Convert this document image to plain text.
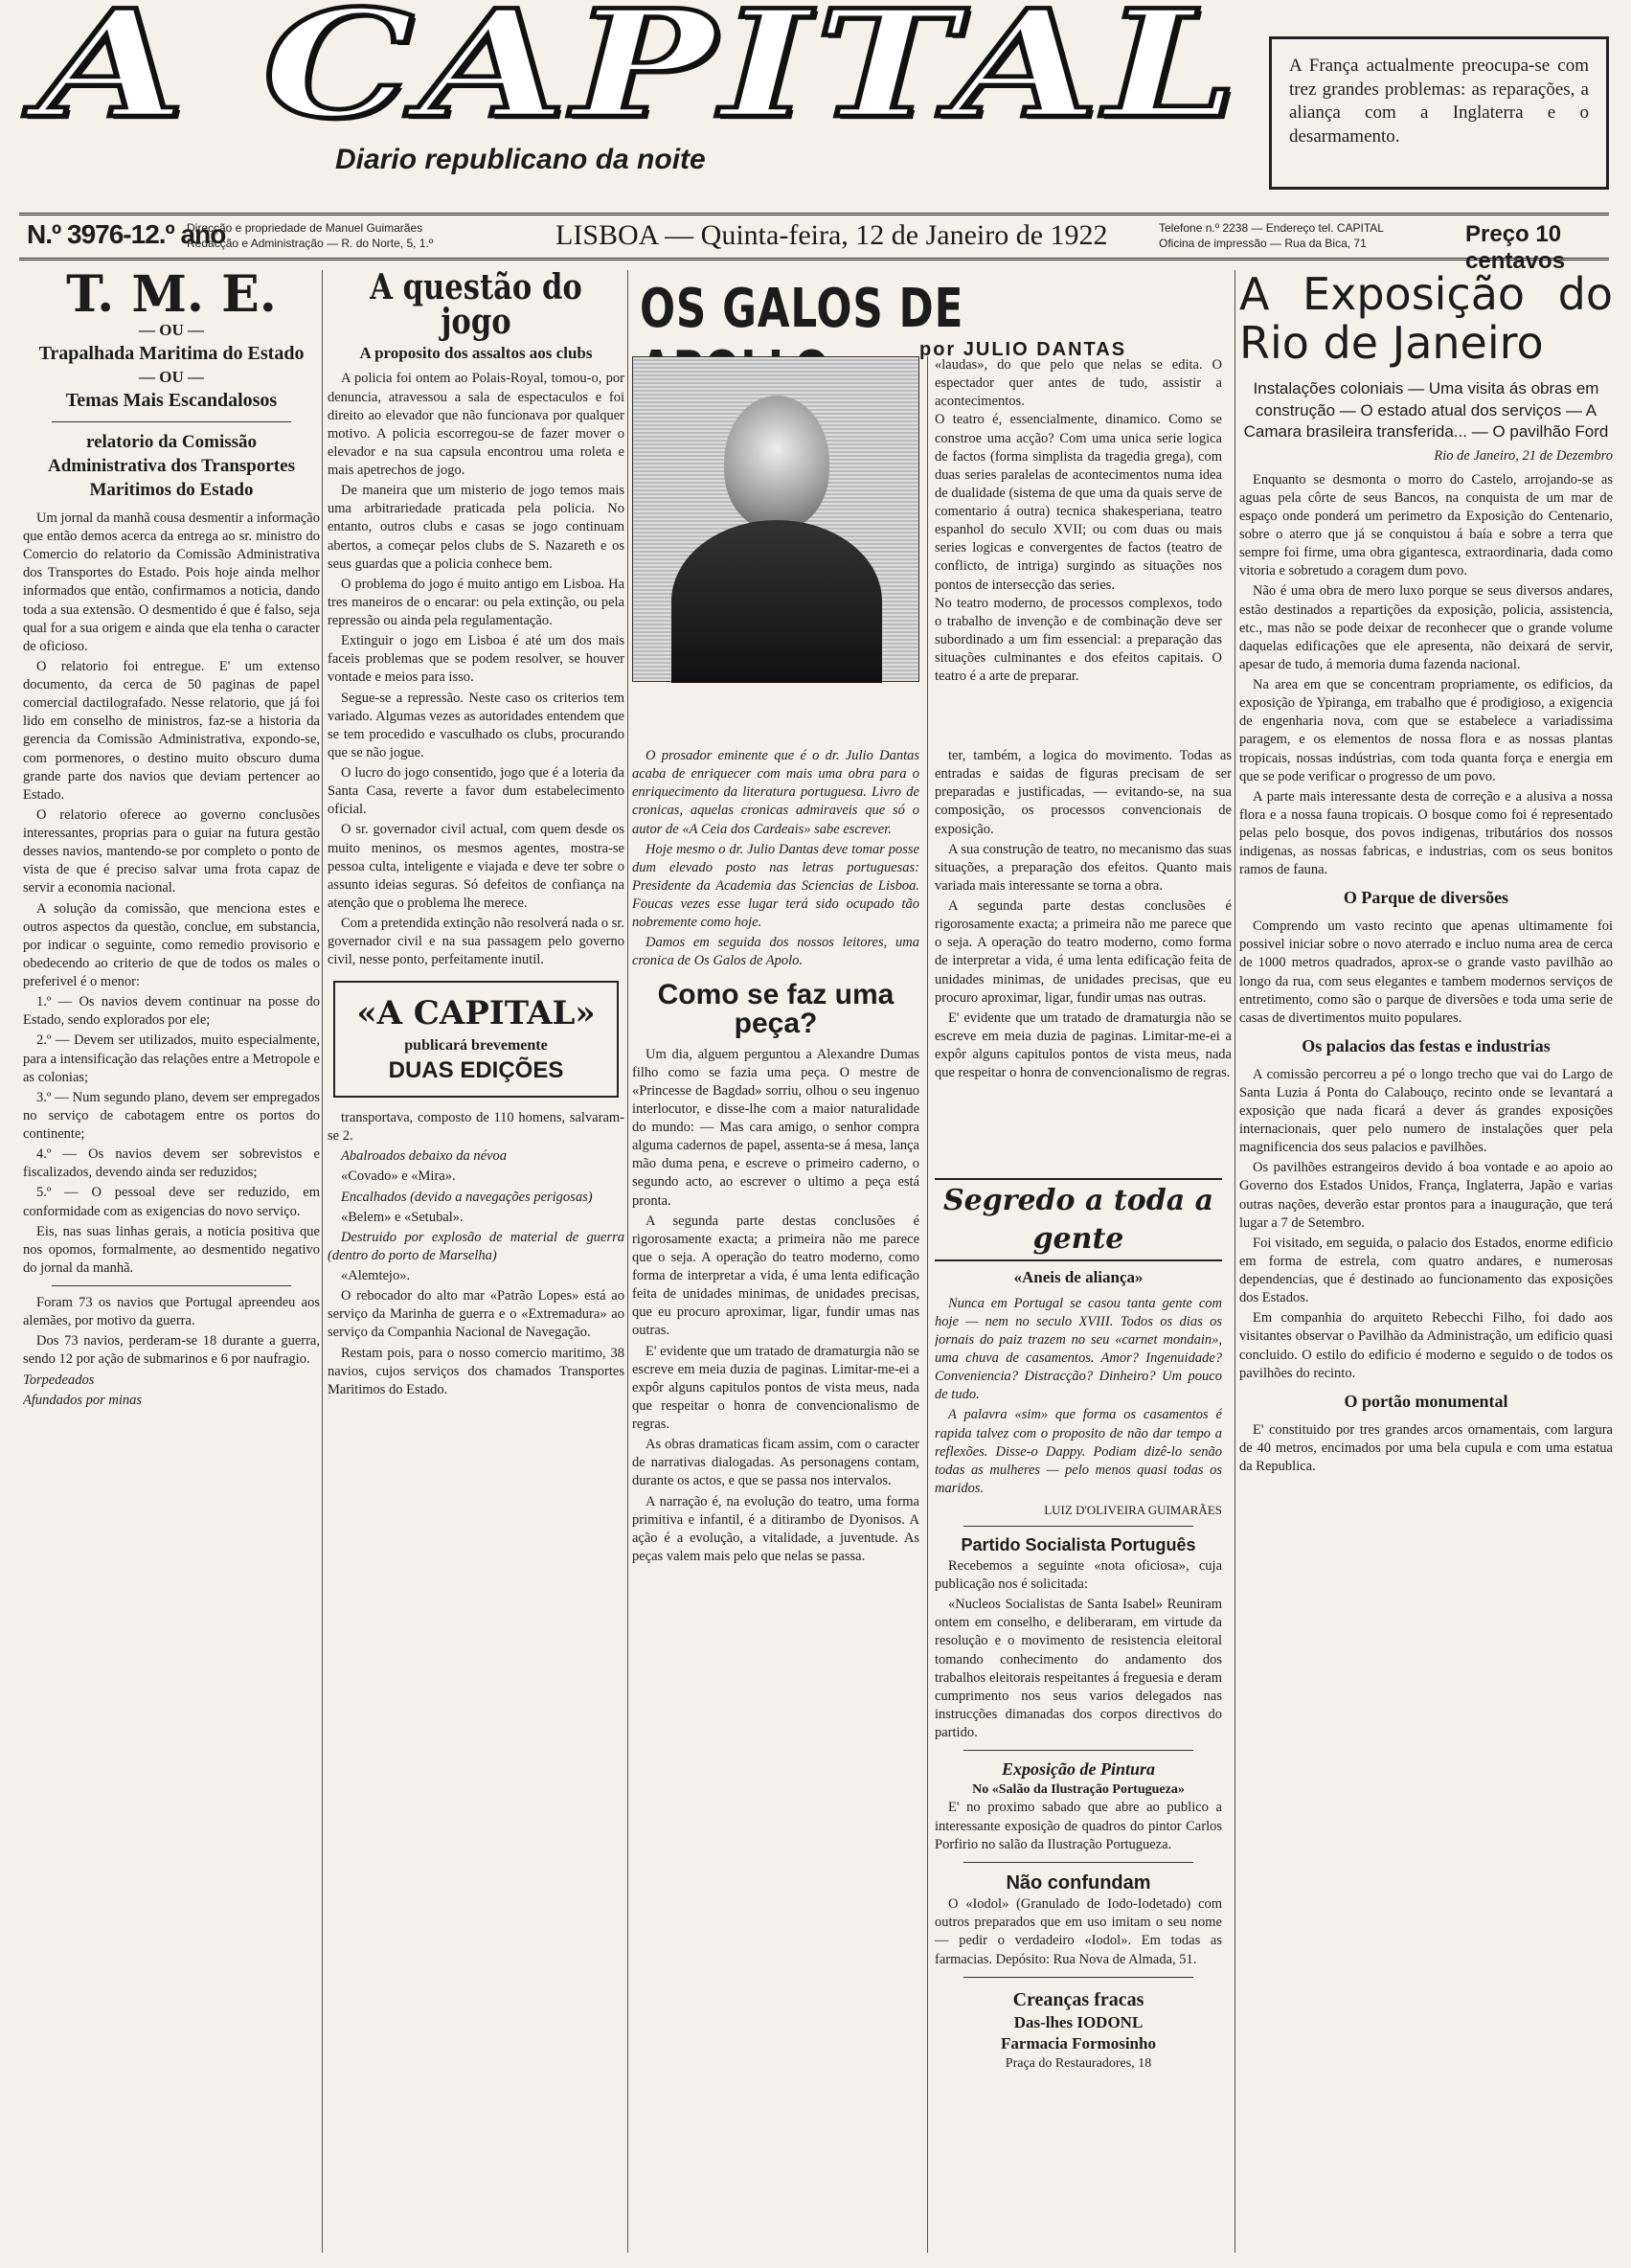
A CAPITAL
Diario republicano da noite
A França actualmente preocupa-se com trez grandes problemas: as reparações, a aliança com a Inglaterra e o desarmamento.
N.º 3976-12.º ano
Direcção e propriedade de Manuel Guimarães
Redacção e Administração — R. do Norte, 5, 1.º	LISBOA — Quinta-feira, 12 de Janeiro de 1922	Telefone n.º 2238 — Endereço tel. CAPITAL
Oficina de impressão — Rua da Bica, 71	Preço 10 centavos
T. M. E.
— OU —
Trapalhada Maritima do Estado
— OU —
Temas Mais Escandalosos
relatorio da Comissão Administrativa dos Transportes Maritimos do Estado

Um jornal da manhã cousa desmentir a informação que então demos acerca da entrega ao sr. ministro do Comercio do relatorio da Comissão Administrativa dos Transportes do Estado. Pois hoje ainda melhor informados que então, confirmamos a noticia, dando toda a sua extensão. O desmentido é que é falso, seja qual for a sua origem e ainda que ela tenha o caracter de oficioso.

O relatorio foi entregue. E' um extenso documento, da cerca de 50 paginas de papel comercial dactilografado. Nesse relatorio, que já foi lido em conselho de ministros, faz-se a historia da gerencia da Comissão Administrativa, expondo-se, com pormenores, o destino muito obscuro duma grande parte dos navios que deviam pertencer ao Estado.

O relatorio oferece ao governo conclusões interessantes, proprias para o guiar na futura gestão desses navios, mantendo-se por completo o ponto de vista de que é preciso salvar uma frota capaz de servir a economia nacional.

A solução da comissão, que menciona estes e outros aspectos da questão, conclue, em substancia, por indicar o seguinte, como remedio provisorio e obedecendo ao criterio de que de todos os males o preferivel é o menor:

1.º — Os navios devem continuar na posse do Estado, sendo explorados por ele;

2.º — Devem ser utilizados, muito especialmente, para a intensificação das relações entre a Metropole e as colonias;

3.º — Num segundo plano, devem ser empregados no serviço de cabotagem entre os portos do continente;

4.º — Os navios devem ser sobrevistos e fiscalizados, devendo ainda ser reduzidos;

5.º — O pessoal deve ser reduzido, em conformidade com as exigencias do novo serviço.

Eis, nas suas linhas gerais, a noticia positiva que nos opomos, formalmente, ao desmentido negativo do jornal da manhã.

Foram 73 os navios que Portugal apreendeu aos alemães, por motivo da guerra.

Dos 73 navios, perderam-se 18 durante a guerra, sendo 12 por ação de submarinos e 6 por naufragio.

Torpedeados

Afundados por minas

A questão do jogo
A proposito dos assaltos aos clubs

A policia foi ontem ao Polais-Royal, tomou-o, por denuncia, atravessou a sala de espectaculos e foi direito ao elevador que não funcionava por qualquer motivo. A policia escorregou-se de fazer mover o elevador e na sua capsula encontrou uma roleta e mais apetrechos de jogo.

De maneira que um misterio de jogo temos mais uma arbitrariedade praticada pela policia. No entanto, outros clubs e casas se jogo continuam abertos, a começar pelos clubs de S. Nazareth e os seus guardas que a policia conhece bem.

O problema do jogo é muito antigo em Lisboa. Ha tres maneiros de o encarar: ou pela extinção, ou pela repressão ou ainda pela regulamentação.

Extinguir o jogo em Lisboa é até um dos mais faceis problemas que se podem resolver, se houver vontade e meios para isso.

Segue-se a repressão. Neste caso os criterios tem variado. Algumas vezes as autoridades entendem que se tem procedido e vasculhado os clubs, procurando que se não jogue.

O lucro do jogo consentido, jogo que é a loteria da Santa Casa, reverte a favor dum estabelecimento oficial.

O sr. governador civil actual, com quem desde os muito meninos, os mesmos agentes, mostra-se pessoa culta, inteligente e viajada e deve ter sobre o assunto ideias seguras. Só defeitos de confiança na atenção que o problema lhe merece.

Com a pretendida extinção não resolverá nada o sr. governador civil e na sua passagem pelo governo civil, nesse ponto, perfeitamente inutil.

«A CAPITAL»
publicará brevemente
DUAS EDIÇÕES

transportava, composto de 110 homens, salvaram-se 2.

Abalroados debaixo da névoa

«Covado» e «Mira».

Encalhados (devido a navegações perigosas)

«Belem» e «Setubal».

Destruido por explosão de material de guerra (dentro do porto de Marselha)

«Alemtejo».

O rebocador do alto mar «Patrão Lopes» está ao serviço da Marinha de guerra e o «Extremadura» ao serviço da Companhia Nacional de Navegação.

Restam pois, para o nosso comercio maritimo, 38 navios, cujos serviços dos chamados Transportes Maritimos do Estado.

OS GALOS DE
por JULIO DANTAS

«laudas», do que pelo que nelas se edita. O espectador quer antes de tudo, assistir a acontecimentos.

O teatro é, essencialmente, dinamico. Como se constroe uma acção? Com uma unica serie logica de factos (forma simplista da tragedia grega), com duas series paralelas de acontecimentos numa idea de dualidade (sistema de que uma da quais serve de comentario á outra) tecnica shakesperiana, teatro espanhol do seculo XVII; ou com duas ou mais series logicas e convergentes de factos (teatro de conflicto, de intriga) surgindo as situações nos pontos de intersecção das series.

No teatro moderno, de processos complexos, todo o trabalho de invenção e de combinação deve ser subordinado a um fim essencial: a preparação das situações culminantes e dos efeitos capitais. O teatro é a arte de preparar.

O prosador eminente que é o dr. Julio Dantas acaba de enriquecer com mais uma obra para o enriquecimento da literatura portuguesa. Livro de cronicas, aquelas cronicas admiraveis que só o autor de «A Ceia dos Cardeais» sabe escrever.

Hoje mesmo o dr. Julio Dantas deve tomar posse dum elevado posto nas letras portuguesas: Presidente da Academia das Sciencias de Lisboa. Foucas vezes esse lugar terá sido ocupado tão nobremente como hoje.

Damos em seguida dos nossos leitores, uma cronica de Os Galos de Apolo.

Como se faz uma peça?

Um dia, alguem perguntou a Alexandre Dumas filho como se fazia uma peça. O mestre de «Princesse de Bagdad» sorriu, olhou o seu ingenuo interlocutor, e disse-lhe com a maior naturalidade do mundo: — Mas cara amigo, o senhor compra alguma cadernos de papel, assenta-se á mesa, lança mão duma pena, e escreve o primeiro caderno, o segundo acto, ao escrever o ultimo a peça está pronta.

A segunda parte destas conclusões é rigorosamente exacta; a primeira não me parece que o seja. A operação do teatro moderno, como forma de interpretar a vida, é uma lenta edificação feita de unidades minimas, de unidades precisas, que eu procuro aproximar, ligar, fundir umas nas outras.

E' evidente que um tratado de dramaturgia não se escreve em meia duzia de paginas. Limitar-me-ei a expôr alguns capitulos pontos de vista meus, nada que respeitar o honra de convencionalismo de regras.

As obras dramaticas ficam assim, com o caracter de narrativas dialogadas. As personagens contam, durante os actos, e que se passa nos intervalos.

A narração é, na evolução do teatro, uma forma primitiva e infantil, é a ditirambo de Dyonisos. A ação é a evolução, a vitalidade, a juventude. As peças valem mais pelo que nelas se passa.

ter, também, a logica do movimento. Todas as entradas e saidas de figuras precisam de ser preparadas e justificadas, — evitando-se, na sua composição, os processos convencionais de exposição.

A sua construção de teatro, no mecanismo das suas situações, a preparação dos efeitos. Quanto mais variada mais interessante se torna a obra.

A segunda parte destas conclusões é rigorosamente exacta; a primeira não me parece que o seja. A operação do teatro moderno, como forma de interpretar a vida, é uma lenta edificação feita de unidades minimas, de unidades precisas, que eu procuro aproximar, ligar, fundir umas nas outras.

E' evidente que um tratado de dramaturgia não se escreve em meia duzia de paginas. Limitar-me-ei a expôr alguns capitulos pontos de vista meus, nada que respeitar o honra de convencionalismo de regras.

A Exposição do Rio de Janeiro
Instalações coloniais — Uma visita ás obras em construção — O estado atual dos serviços — A Camara brasileira transferida... — O pavilhão Ford
Rio de Janeiro, 21 de Dezembro

Enquanto se desmonta o morro do Castelo, arrojando-se as aguas pela côrte de seus Bancos, na conquista de um mar de espaço onde ponderá um perimetro da Exposição do Centenario, sobre o aterro que já se conquistou á baía e sobre a terra que sempre foi firme, uma obra gigantesca, extraordinaria, dada como vitoria e sobretudo a coragem dum povo.

Não é uma obra de mero luxo porque se seus diversos andares, estão destinados a repartições da exposição, policia, assistencia, etc., mas não se pode deixar de reconhecer que o grande volume daquelas edificações que ele apresenta, não deixará de servir, apesar de tudo, á memoria duma fazenda nacional.

Na area em que se concentram propriamente, os edificios, da exposição de Ypiranga, em trabalho que é prodigioso, a exigencia de engenharia nova, com que se estabelece a variadissima paragem, e os elementos de nossa flora e as nossas plantas tropicais, nossas indústrias, com toda quanta força e energia em que se pode verificar o progresso de um povo.

A parte mais interessante desta de correção e a alusiva a nossa flora e a nossa fauna tropicais. O bosque como foi é representado pelas pelo bosque, dos povos indigenas, tributários dos nossos indigenas, as nossas fabricas, e industrias, com os seus bonitos ramos de fauna.

O Parque de diversões

Comprendo um vasto recinto que apenas ultimamente foi possivel iniciar sobre o novo aterrado e incluo numa area de cerca de 1000 metros quadrados, aprox-se o grande vasto pavilhão ao longo da rua, com seus elegantes e tambem modernos serviços de entretimento, como são o parque de diversões e toda uma serie de casas de divertimentos muito populares.

Os palacios das festas e industrias

A comissão percorreu a pé o longo trecho que vai do Largo de Santa Luzia á Ponta do Calabouço, recinto onde se levantará a exposição que nada ficará a dever ás grandes exposições internacionais, quer pelo numero de instalações quer pela magnificencia dos seus palacios e pavilhões.

Os pavilhões estrangeiros devido á boa vontade e ao apoio ao Governo dos Estados Unidos, França, Inglaterra, Japão e varias outras nações, deverão estar prontos para a inauguração, que terá lugar a 7 de Setembro.

Foi visitado, em seguida, o palacio dos Estados, enorme edificio em forma de estrela, com quatro andares, e numerosas dependencias, que é destinado ao funcionamento das exposições dos Estados.

Em companhia do arquiteto Rebecchi Filho, foi dado aos visitantes observar o Pavilhão da Administração, um edificio quasi concluido. O estilo do edificio é moderno e seguido o de todos os pavilhões do recinto.

O portão monumental

E' constituido por tres grandes arcos ornamentais, com largura de 40 metros, encimados por uma bela cupula e com uma estatua da Republica.

Segredo a toda a gente
«Aneis de aliança»

Nunca em Portugal se casou tanta gente com hoje — nem no seculo XVIII. Todos os dias os jornais do paiz trazem no seu «carnet mondain», uma chuva de casamentos. Amor? Ingenuidade? Conveniencia? Distracção? Dinheiro? Um pouco de tudo.

A palavra «sim» que forma os casamentos é rapida talvez com o proposito de não dar tempo a reflexões. Disse-o Dappy. Podiam dizê-lo senão todas as mulheres — pelo menos quasi todas os maridos.

LUIZ D'OLIVEIRA GUIMARÃES
Partido Socialista Português

Recebemos a seguinte «nota oficiosa», cuja publicação nos é solicitada:

«Nucleos Socialistas de Santa Isabel» Reuniram ontem em conselho, e deliberaram, em virtude da resolução e o movimento de resistencia eleitoral tomando conhecimento do andamento dos trabalhos eleitorais respeitantes á freguesia e deram cumprimento nos seus varios delegados nas instrucções dimanadas dos corpos directivos do partido.

Exposição de Pintura
No «Salão da Ilustração Portugueza»

E' no proximo sabado que abre ao publico a interessante exposição de quadros do pintor Carlos Porfirio no salão da Ilustração Portugueza.

Não confundam

O «Iodol» (Granulado de Iodo-Iodetado) com outros preparados que em uso imitam o seu nome — pedir o verdadeiro «Iodol». Em todas as farmacias. Depósito: Rua Nova de Almada, 51.

Creanças fracas
Das-lhes IODONL
Farmacia Formosinho
Praça do Restauradores, 18
